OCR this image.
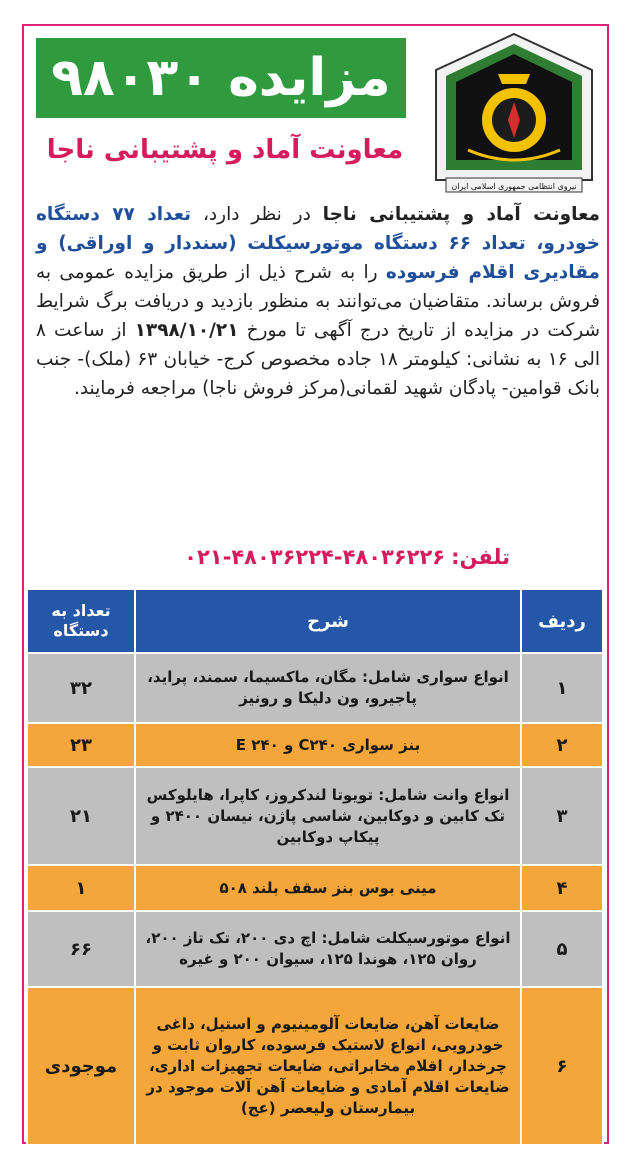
مزایده ۹۸۰۳۰
معاونت آماد و پشتیبانی ناجا
نیروی انتظامی جمهوری اسلامی ایران
معاونت آماد و پشتیبانی ناجا در نظر دارد، تعداد ۷۷ دستگاه خودرو، تعداد ۶۶ دستگاه موتورسیکلت (سنددار و اوراقی) و مقادیری اقلام فرسوده را به شرح ذیل از طریق مزایده عمومی به فروش برساند. متقاضیان می‌توانند به منظور بازدید و دریافت برگ شرایط شرکت در مزایده از تاریخ درج آگهی تا مورخ ۱۳۹۸/۱۰/۲۱ از ساعت ۸ الی ۱۶ به نشانی: کیلومتر ۱۸ جاده مخصوص کرج- خیابان ۶۳ (ملک)- جنب بانک قوامین- پادگان شهید لقمانی(مرکز فروش ناجا) مراجعه فرمایند.
تلفن:
۰۲۱-۴۸۰۳۶۲۲۴-۴۸۰۳۶۲۲۶
ردیف	شرح	تعداد به دستگاه
۱	انواع سواری شامل: مگان، ماکسیما، سمند، پراید، پاجیرو، ون دلیکا و رونیز	۳۲
۲	بنز سواری C۲۴۰ و ۲۴۰ E	۲۳
۳	انواع وانت شامل: تویوتا لندکروز، کاپرا، هایلوکس تک کابین و دوکابین، شاسی پاژن، نیسان ۲۴۰۰ و پیکاپ دوکابین	۲۱
۴	مینی بوس بنز سقف بلند ۵۰۸	۱
۵	انواع موتورسیکلت شامل: اچ دی ۲۰۰، تک تاز ۲۰۰، روان ۱۲۵، هوندا ۱۲۵، سیوان ۲۰۰ و غیره	۶۶
۶	ضایعات آهن، ضایعات آلومینیوم و استیل، داغی خودرویی، انواع لاستیک فرسوده، کاروان ثابت و چرخدار، اقلام مخابراتی، ضایعات تجهیزات اداری، ضایعات اقلام آمادی و ضایعات آهن آلات موجود در بیمارستان ولیعصر (عج)	موجودی
